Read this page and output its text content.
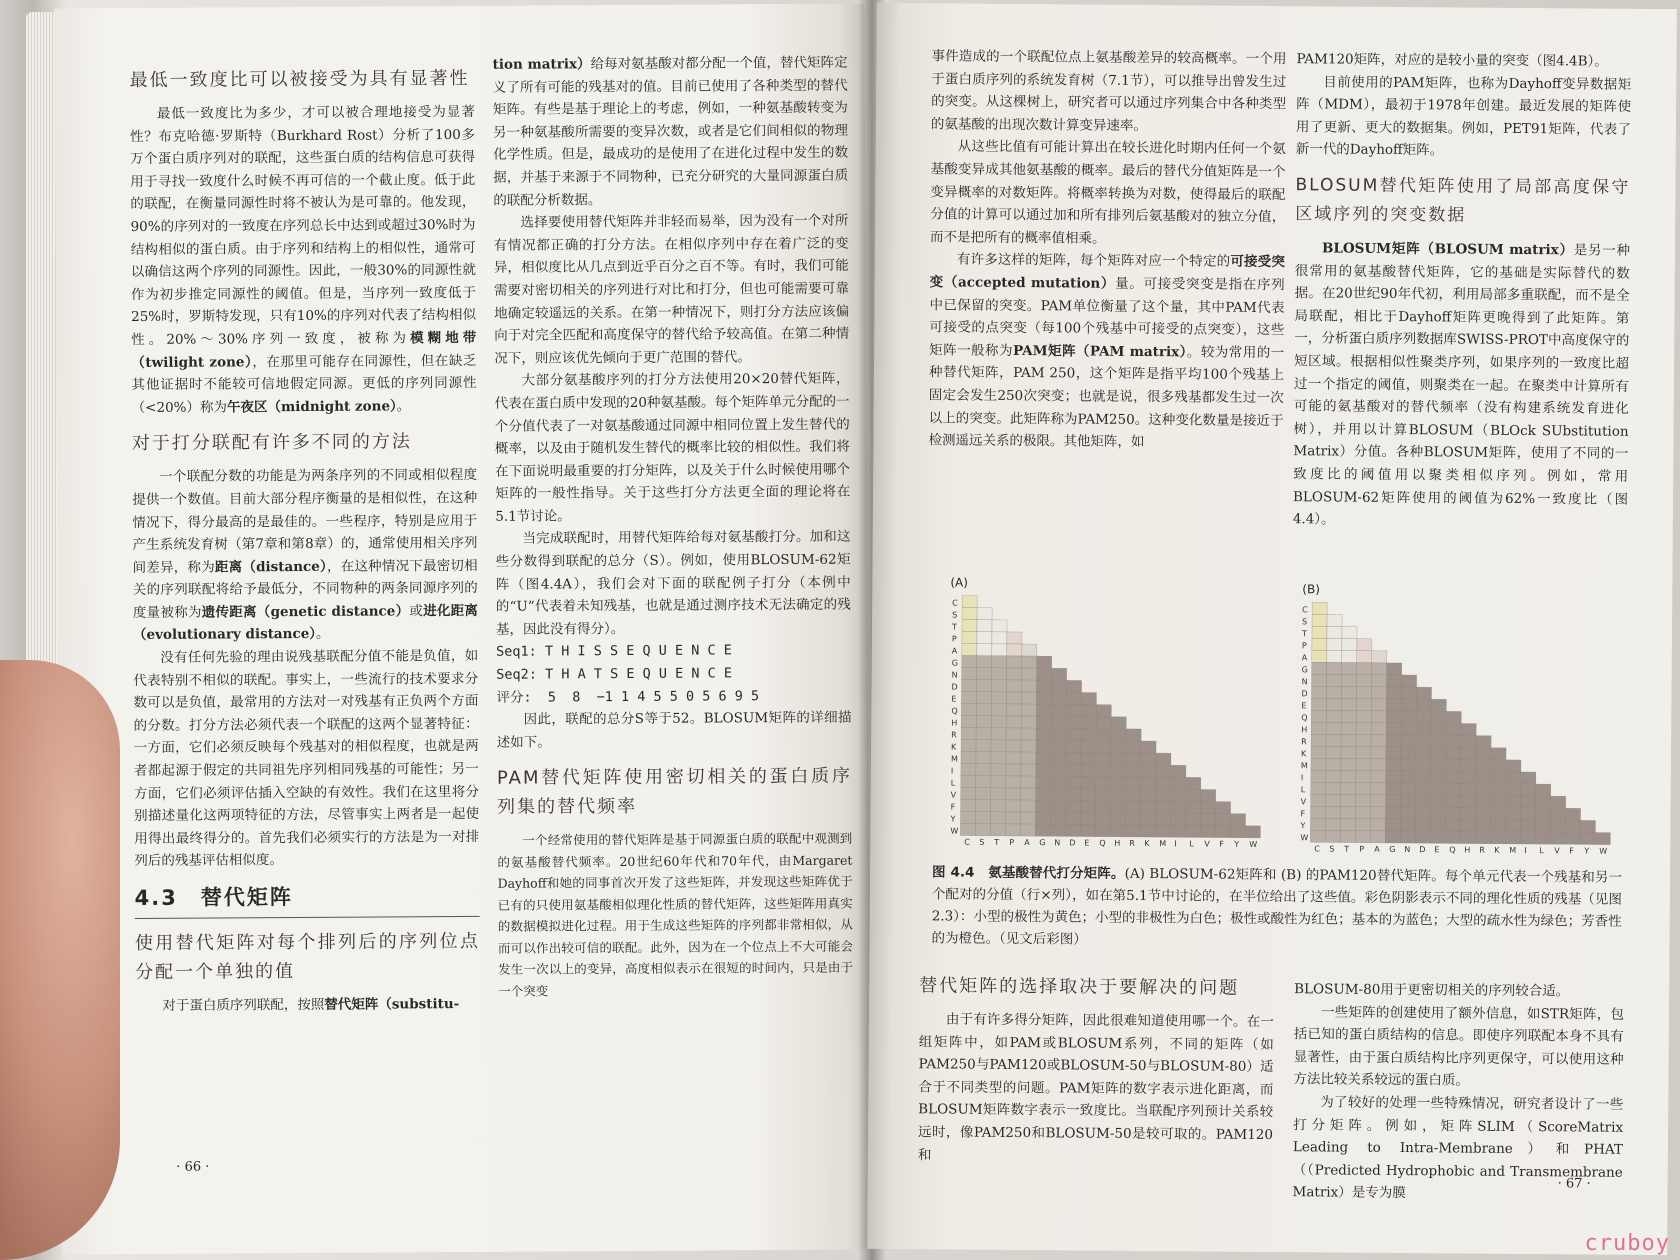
最低一致度比可以被接受为具有显著性
最低一致度比为多少，才可以被合理地接受为显著性？布克哈德·罗斯特（Burkhard Rost）分析了100多万个蛋白质序列对的联配，这些蛋白质的结构信息可获得用于寻找一致度什么时候不再可信的一个截止度。低于此的联配，在衡量同源性时将不被认为是可靠的。他发现，90%的序列对的一致度在序列总长中达到或超过30%时为结构相似的蛋白质。由于序列和结构上的相似性，通常可以确信这两个序列的同源性。因此，一般30%的同源性就作为初步推定同源性的阈值。但是，当序列一致度低于25%时，罗斯特发现，只有10%的序列对代表了结构相似性。20%～30%序列一致度，被称为模糊地带（twilight zone），在那里可能存在同源性，但在缺乏其他证据时不能较可信地假定同源。更低的序列同源性（<20%）称为午夜区（midnight zone）。
对于打分联配有许多不同的方法
一个联配分数的功能是为两条序列的不同或相似程度提供一个数值。目前大部分程序衡量的是相似性，在这种情况下，得分最高的是最佳的。一些程序，特别是应用于产生系统发育树（第7章和第8章）的，通常使用相关序列间差异，称为距离（distance），在这种情况下最密切相关的序列联配将给予最低分，不同物种的两条同源序列的度量被称为遗传距离（genetic distance）或进化距离（evolutionary distance）。
没有任何先验的理由说残基联配分值不能是负值，如代表特别不相似的联配。事实上，一些流行的技术要求分数可以是负值，最常用的方法对一对残基有正负两个方面的分数。打分方法必须代表一个联配的这两个显著特征：一方面，它们必须反映每个残基对的相似程度，也就是两者都起源于假定的共同祖先序列相同残基的可能性；另一方面，它们必须评估插入空缺的有效性。我们在这里将分别描述量化这两项特征的方法，尽管事实上两者是一起使用得出最终得分的。首先我们必须实行的方法是为一对排列后的残基评估相似度。
4.3　替代矩阵
使用替代矩阵对每个排列后的序列位点分配一个单独的值
对于蛋白质序列联配，按照替代矩阵（substitu-
· 66 ·
tion matrix）给每对氨基酸对都分配一个值，替代矩阵定义了所有可能的残基对的值。目前已使用了各种类型的替代矩阵。有些是基于理论上的考虑，例如，一种氨基酸转变为另一种氨基酸所需要的变异次数，或者是它们间相似的物理化学性质。但是，最成功的是使用了在进化过程中发生的数据，并基于来源于不同物种，已充分研究的大量同源蛋白质的联配分析数据。
选择要使用替代矩阵并非轻而易举，因为没有一个对所有情况都正确的打分方法。在相似序列中存在着广泛的变异，相似度比从几点到近乎百分之百不等。有时，我们可能需要对密切相关的序列进行对比和打分，但也可能需要可靠地确定较遥远的关系。在第一种情况下，则打分方法应该偏向于对完全匹配和高度保守的替代给予较高值。在第二种情况下，则应该优先倾向于更广范围的替代。
大部分氨基酸序列的打分方法使用20×20替代矩阵，代表在蛋白质中发现的20种氨基酸。每个矩阵单元分配的一个分值代表了一对氨基酸通过同源中相同位置上发生替代的概率，以及由于随机发生替代的概率比较的相似性。我们将在下面说明最重要的打分矩阵，以及关于什么时候使用哪个矩阵的一般性指导。关于这些打分方法更全面的理论将在5.1节讨论。
当完成联配时，用替代矩阵给每对氨基酸打分。加和这些分数得到联配的总分（S）。例如，使用BLOSUM-62矩阵（图4.4A），我们会对下面的联配例子打分（本例中的“U”代表着未知残基，也就是通过测序技术无法确定的残基，因此没有得分）。
Seq1: T H I S S E Q U E N C E
Seq2: T H A T S E Q U E N C E
评分: 5  8  −1 1 4 5 5 0 5 6 9 5
因此，联配的总分S等于52。BLOSUM矩阵的详细描述如下。
PAM替代矩阵使用密切相关的蛋白质序列集的替代频率
一个经常使用的替代矩阵是基于同源蛋白质的联配中观测到的氨基酸替代频率。20世纪60年代和70年代，由Margaret Dayhoff和她的同事首次开发了这些矩阵，并发现这些矩阵优于已有的只使用氨基酸相似理化性质的替代矩阵，这些矩阵用真实的数据模拟进化过程。用于生成这些矩阵的序列都非常相似，从而可以作出较可信的联配。此外，因为在一个位点上不大可能会发生一次以上的变异，高度相似表示在很短的时间内，只是由于一个突变
事件造成的一个联配位点上氨基酸差异的较高概率。一个用于蛋白质序列的系统发育树（7.1节），可以推导出曾发生过的突变。从这棵树上，研究者可以通过序列集合中各种类型的氨基酸的出现次数计算变异速率。
从这些比值有可能计算出在较长进化时期内任何一个氨基酸变异成其他氨基酸的概率。最后的替代分值矩阵是一个变异概率的对数矩阵。将概率转换为对数，使得最后的联配分值的计算可以通过加和所有排列后氨基酸对的独立分值，而不是把所有的概率值相乘。
有许多这样的矩阵，每个矩阵对应一个特定的可接受突变（accepted mutation）量。可接受突变是指在序列中已保留的突变。PAM单位衡量了这个量，其中PAM代表可接受的点突变（每100个残基中可接受的点突变），这些矩阵一般称为PAM矩阵（PAM matrix）。较为常用的一种替代矩阵，PAM 250，这个矩阵是指平均100个残基上固定会发生250次突变；也就是说，很多残基都发生过一次以上的突变。此矩阵称为PAM250。这种变化数量是接近于检测遥远关系的极限。其他矩阵，如
PAM120矩阵，对应的是较小量的突变（图4.4B）。
目前使用的PAM矩阵，也称为Dayhoff变异数据矩阵（MDM），最初于1978年创建。最近发展的矩阵使用了更新、更大的数据集。例如，PET91矩阵，代表了新一代的Dayhoff矩阵。
BLOSUM替代矩阵使用了局部高度保守区域序列的突变数据
BLOSUM矩阵（BLOSUM matrix）是另一种很常用的氨基酸替代矩阵，它的基础是实际替代的数据。在20世纪90年代初，利用局部多重联配，而不是全局联配，相比于Dayhoff矩阵更晚得到了此矩阵。第一，分析蛋白质序列数据库SWISS-PROT中高度保守的短区域。根据相似性聚类序列，如果序列的一致度比超过一个指定的阈值，则聚类在一起。在聚类中计算所有可能的氨基酸对的替代频率（没有构建系统发育进化树），并用以计算BLOSUM（BLOck SUbstitution Matrix）分值。各种BLOSUM矩阵，使用了不同的一致度比的阈值用以聚类相似序列。例如，常用BLOSUM-62矩阵使用的阈值为62%一致度比（图4.4）。
(A)	(B)
C
S
T
P
A
G
N
D
E
Q
H
R
K
M
I
L
V
F
Y
W
C S T P A G N D E Q H R K M I L V F Y W
C
S
T
P
A
G
N
D
E
Q
H
R
K
M
I
L
V
F
Y
W
C S T P A G N D E Q H R K M I L V F Y W
图 4.4　 氨基酸替代打分矩阵。(A) BLOSUM-62矩阵和 (B) 的PAM120替代矩阵。每个单元代表一个残基和另一个配对的分值（行×列），如在第5.1节中讨论的，在半位给出了这些值。彩色阴影表示不同的理化性质的残基（见图2.3）：小型的极性为黄色；小型的非极性为白色；极性或酸性为红色；基本的为蓝色；大型的疏水性为绿色；芳香性的为橙色。（见文后彩图）
替代矩阵的选择取决于要解决的问题
由于有许多得分矩阵，因此很难知道使用哪一个。在一组矩阵中，如PAM或BLOSUM系列，不同的矩阵（如PAM250与PAM120或BLOSUM-50与BLOSUM-80）适合于不同类型的问题。PAM矩阵的数字表示进化距离，而BLOSUM矩阵数字表示一致度比。当联配序列预计关系较远时，像PAM250和BLOSUM-50是较可取的。PAM120和
BLOSUM-80用于更密切相关的序列较合适。
一些矩阵的创建使用了额外信息，如STR矩阵，包括已知的蛋白质结构的信息。即使序列联配本身不具有显著性，由于蛋白质结构比序列更保守，可以使用这种方法比较关系较远的蛋白质。
为了较好的处理一些特殊情况，研究者设计了一些打分矩阵。例如，矩阵SLIM（ScoreMatrix Leading to Intra-Membrane）和PHAT（（Predicted Hydrophobic and Transmembrane Matrix）是专为膜
· 67 ·
cruboy
